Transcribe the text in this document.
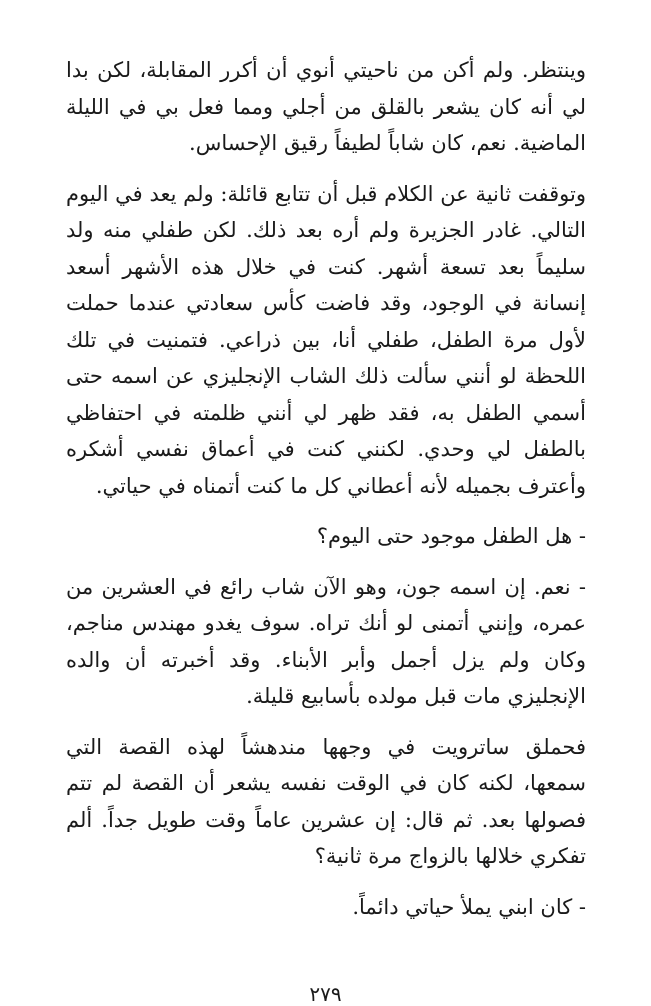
وينتظر. ولم أكن من ناحيتي أنوي أن أكرر المقابلة، لكن بدا لي أنه كان يشعر بالقلق من أجلي ومما فعل بي في الليلة الماضية. نعم، كان شاباً لطيفاً رقيق الإحساس.

وتوقفت ثانية عن الكلام قبل أن تتابع قائلة: ولم يعد في اليوم التالي. غادر الجزيرة ولم أره بعد ذلك. لكن طفلي منه ولد سليماً بعد تسعة أشهر. كنت في خلال هذه الأشهر أسعد إنسانة في الوجود، وقد فاضت كأس سعادتي عندما حملت لأول مرة الطفل، طفلي أنا، بين ذراعي. فتمنيت في تلك اللحظة لو أنني سألت ذلك الشاب الإنجليزي عن اسمه حتى أسمي الطفل به، فقد ظهر لي أنني ظلمته في احتفاظي بالطفل لي وحدي. لكنني كنت في أعماق نفسي أشكره وأعترف بجميله لأنه أعطاني كل ما كنت أتمناه في حياتي.

- هل الطفل موجود حتى اليوم؟

- نعم. إن اسمه جون، وهو الآن شاب رائع في العشرين من عمره، وإنني أتمنى لو أنك تراه. سوف يغدو مهندس مناجم، وكان ولم يزل أجمل وأبر الأبناء. وقد أخبرته أن والده الإنجليزي مات قبل مولده بأسابيع قليلة.

فحملق ساترويت في وجهها مندهشاً لهذه القصة التي سمعها، لكنه كان في الوقت نفسه يشعر أن القصة لم تتم فصولها بعد. ثم قال: إن عشرين عاماً وقت طويل جداً. ألم تفكري خلالها بالزواج مرة ثانية؟

- كان ابني يملأ حياتي دائماً.

٢٧٩
